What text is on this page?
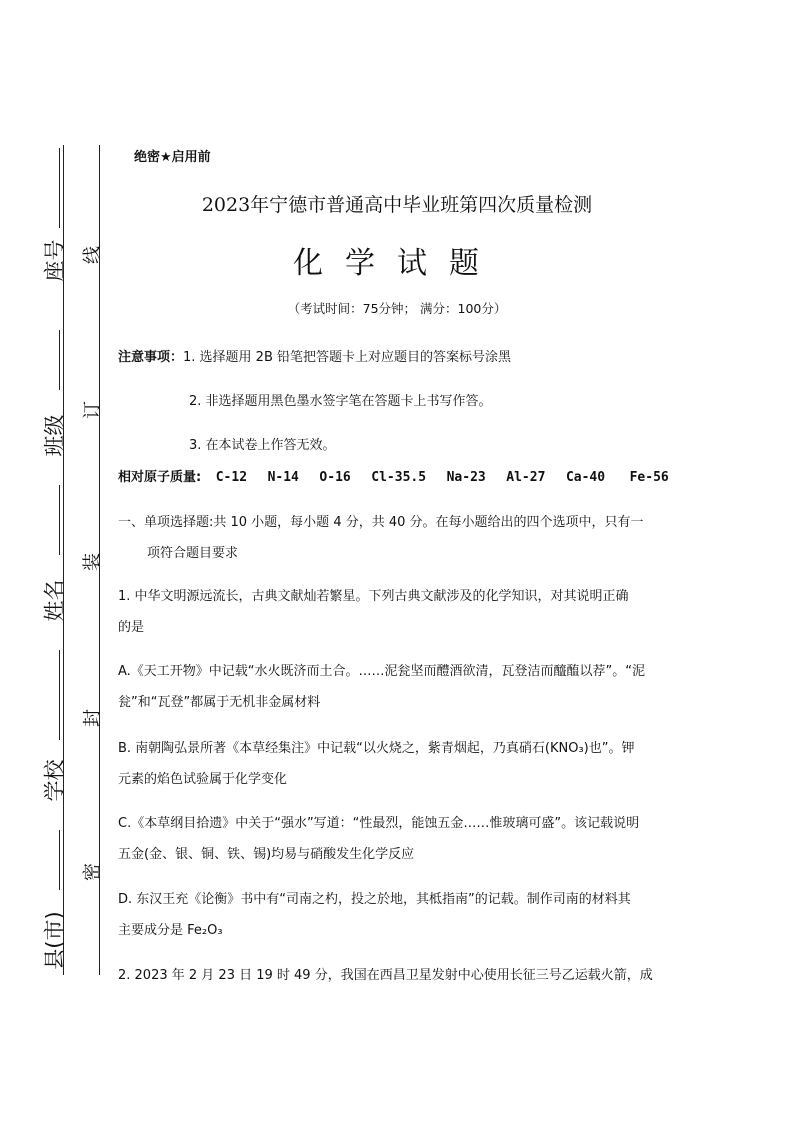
线
订
装
封
密
座号
班级
姓名
学校
县(市)
绝密★启用前
2023年宁德市普通高中毕业班第四次质量检测
化学试题
（考试时间：75分钟； 满分：100分）
注意事项：1. 选择题用 2B 铅笔把答题卡上对应题目的答案标号涂黑
2. 非选择题用黑色墨水签字笔在答题卡上书写作答。
3. 在本试卷上作答无效。
相对原子质量: C-12 N-14 O-16 Cl-35.5 Na-23 Al-27 Ca-40 Fe-56
一、单项选择题:共 10 小题，每小题 4 分，共 40 分。在每小题给出的四个选项中，只有一
项符合题目要求
1. 中华文明源远流长，古典文献灿若繁星。下列古典文献涉及的化学知识，对其说明正确
的是
A.《天工开物》中记载“水火既济而土合。……泥瓮坚而醴酒欲清，瓦登洁而醯醢以荐”。“泥
瓮”和“瓦登”都属于无机非金属材料
B. 南朝陶弘景所著《本草经集注》中记载“以火烧之，紫青烟起，乃真硝石(KNO₃)也”。钾
元素的焰色试验属于化学变化
C.《本草纲目拾遗》中关于“强水”写道：“性最烈，能蚀五金……惟玻璃可盛”。该记载说明
五金(金、银、铜、铁、锡)均易与硝酸发生化学反应
D. 东汉王充《论衡》书中有“司南之杓，投之於地，其柢指南”的记载。制作司南的材料其
主要成分是 Fe₂O₃
2. 2023 年 2 月 23 日 19 时 49 分，我国在西昌卫星发射中心使用长征三号乙运载火箭，成
